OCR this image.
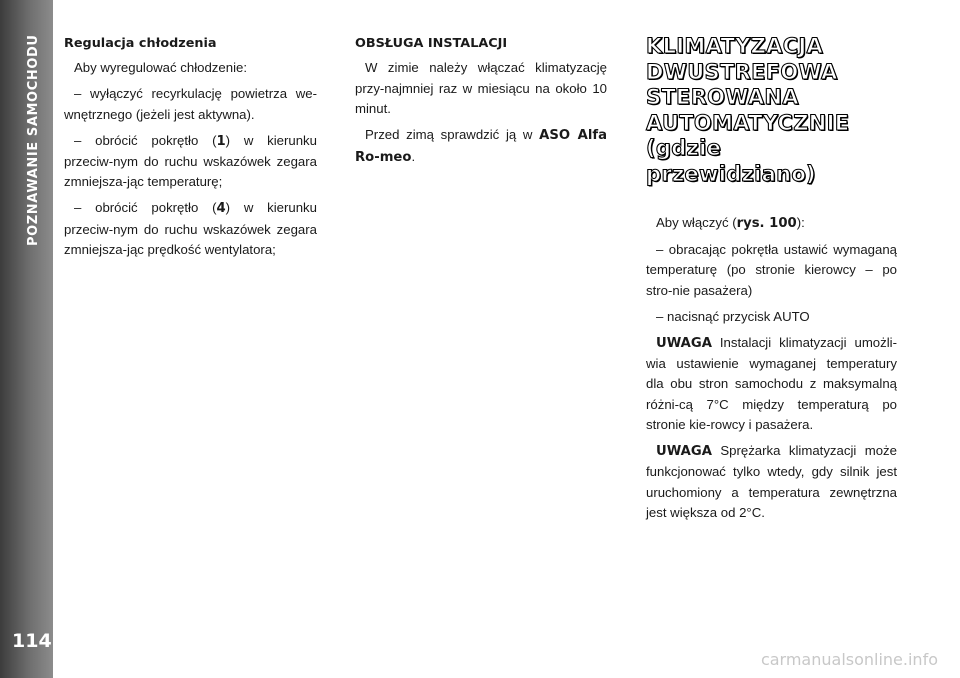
POZNAWANIE SAMOCHODU
114
Regulacja chłodzenia

Aby wyregulować chłodzenie:

– wyłączyć recyrkulację powietrza we-wnętrznego (jeżeli jest aktywna).

– obrócić pokrętło (1) w kierunku przeciw-nym do ruchu wskazówek zegara zmniejsza-jąc temperaturę;

– obrócić pokrętło (4) w kierunku przeciw-nym do ruchu wskazówek zegara zmniejsza-jąc prędkość wentylatora;

OBSŁUGA INSTALACJI

W zimie należy włączać klimatyzację przy-najmniej raz w miesiącu na około 10 minut.

Przed zimą sprawdzić ją w ASO Alfa Ro-meo.

KLIMATYZACJA
DWUSTREFOWA
STEROWANA
AUTOMATYCZNIE
(gdzie przewidziano)

Aby włączyć (rys. 100):

– obracając pokrętła ustawić wymaganą temperaturę (po stronie kierowcy – po stro-nie pasażera)

– nacisnąć przycisk AUTO

UWAGA Instalacji klimatyzacji umożli-wia ustawienie wymaganej temperatury dla obu stron samochodu z maksymalną różni-cą 7°C między temperaturą po stronie kie-rowcy i pasażera.

UWAGA Sprężarka klimatyzacji może funkcjonować tylko wtedy, gdy silnik jest uruchomiony a temperatura zewnętrzna jest większa od 2°C.

carmanualsonline.info
